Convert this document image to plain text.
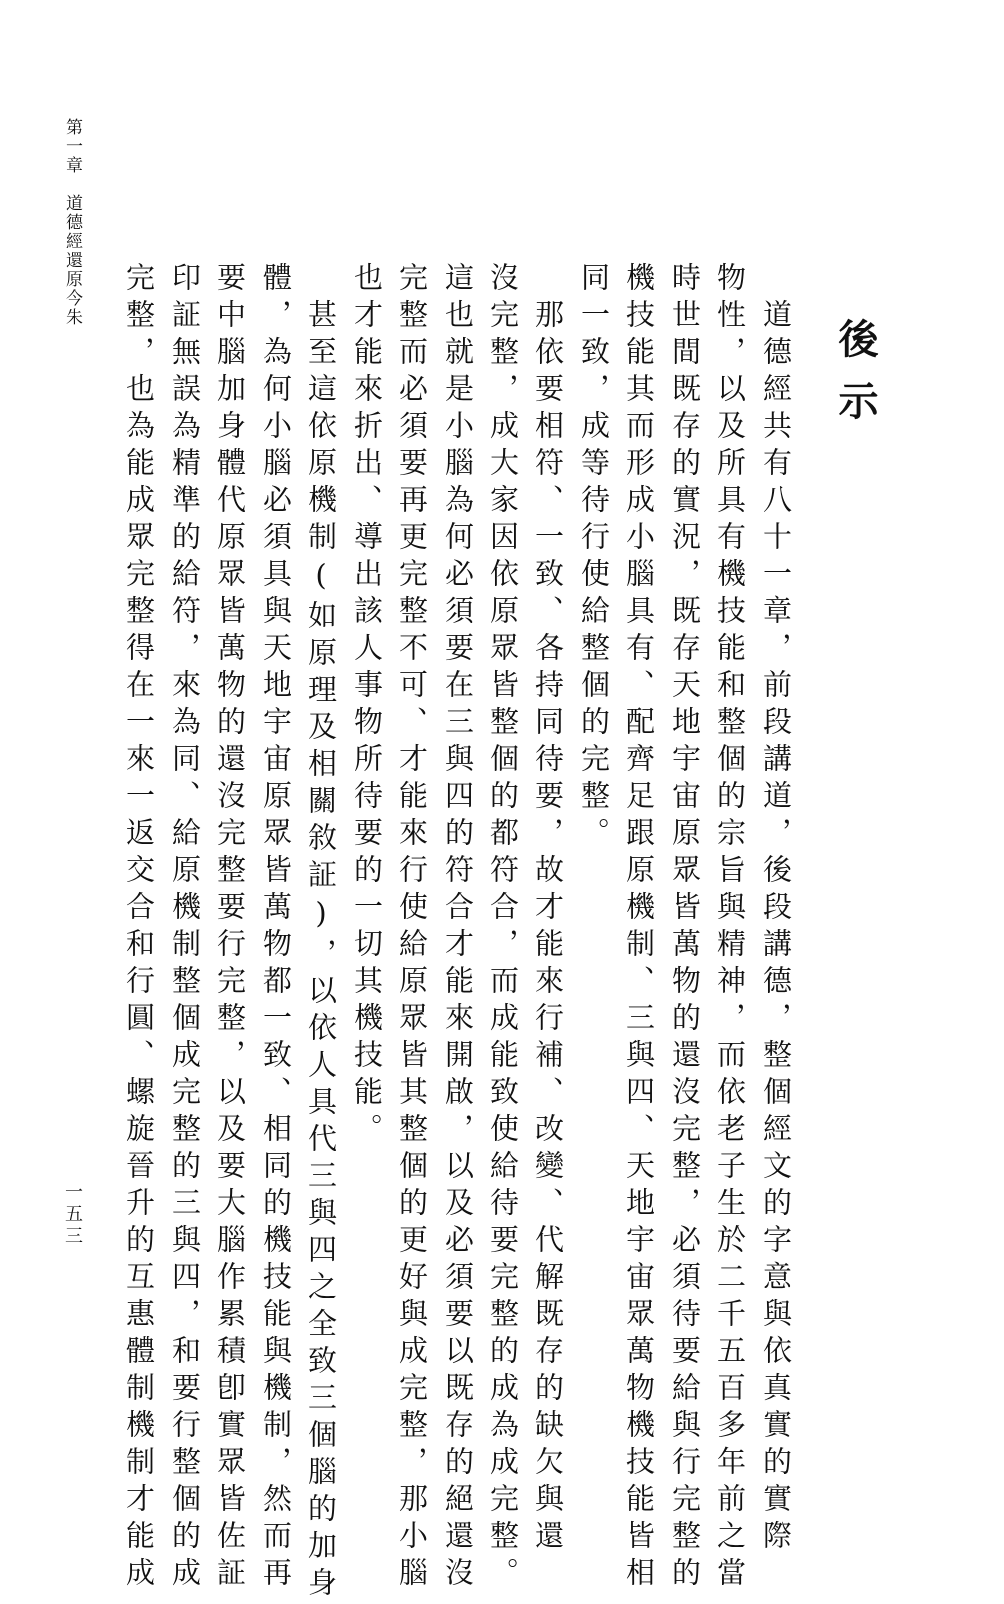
第一章　道德經還原今朱
一五三
後示
　道德經共有八十一章，前段講道，後段講德，整個經文的字意與依真實的實際
物性，以及所具有機技能和整個的宗旨與精神，而依老子生於二千五百多年前之當
時世間既存的實況，既存天地宇宙原眾皆萬物的還沒完整，必須待要給與行完整的
機技能其而形成小腦具有、配齊足跟原機制、三與四、天地宇宙眾萬物機技能皆相
同一致，成等待行使給整個的完整。
　那依要相符、一致、各持同待要，故才能來行補、改變、代解既存的缺欠與還
沒完整，成大家因依原眾皆整個的都符合，而成能致使給待要完整的成為成完整。
這也就是小腦為何必須要在三與四的符合才能來開啟，以及必須要以既存的絕還沒
完整而必須要再更完整不可、才能來行使給原眾皆其整個的更好與成完整，那小腦
也才能來折出、導出該人事物所待要的一切其機技能。
　甚至這依原機制(如原理及相關敘証)，以依人具代三與四之全致三個腦的加身
體，為何小腦必須具與天地宇宙原眾皆萬物都一致、相同的機技能與機制，然而再
要中腦加身體代原眾皆萬物的還沒完整要行完整，以及要大腦作累積卽實眾皆佐証
印証無誤為精準的給符，來為同、給原機制整個成完整的三與四，和要行整個的成
完整，也為能成眾完整得在一來一返交合和行圓、螺旋晉升的互惠體制機制才能成
